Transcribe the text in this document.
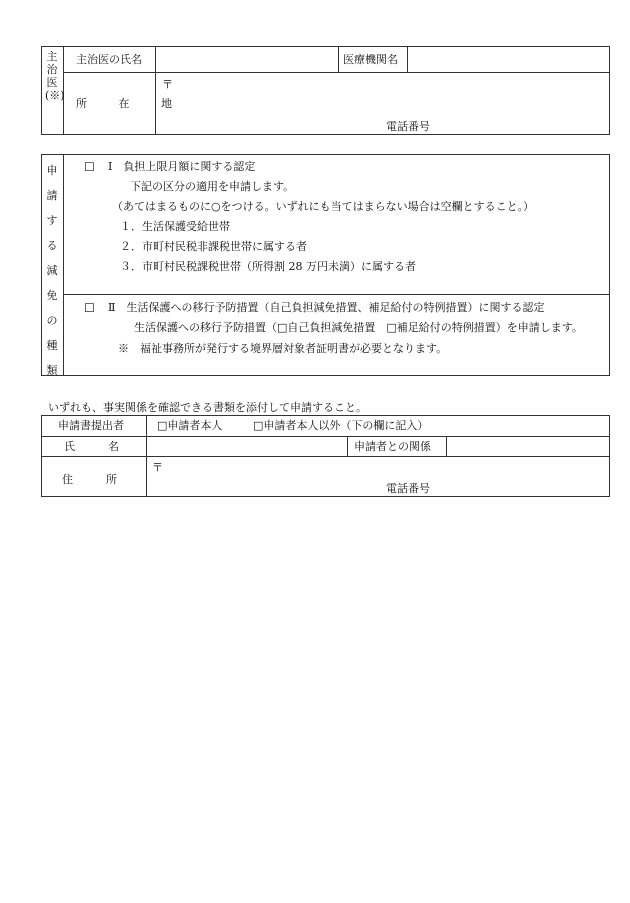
主治医(※)
主治医の氏名	医療機関名
所 在 地
〒
電話番号
申請する減免の種類
☐ Ⅰ　負担上限月額に関する認定
下記の区分の適用を申請します。
（あてはまるものに○をつける。いずれにも当てはまらない場合は空欄とすること。）
１．生活保護受給世帯
２．市町村民税非課税世帯に属する者
３．市町村民税課税世帯（所得割 28 万円未満）に属する者
☐ Ⅱ　生活保護への移行予防措置（自己負担減免措置、補足給付の特例措置）に関する認定
生活保護への移行予防措置（□自己負担減免措置　□補足給付の特例措置）を申請します。
※　福祉事務所が発行する境界層対象者証明書が必要となります。
いずれも、事実関係を確認できる書類を添付して申請すること。
申請書提出者	□申請者本人	□申請者本人以外（下の欄に記入）
氏　　　名	申請者との関係
住　　　所
〒
電話番号
